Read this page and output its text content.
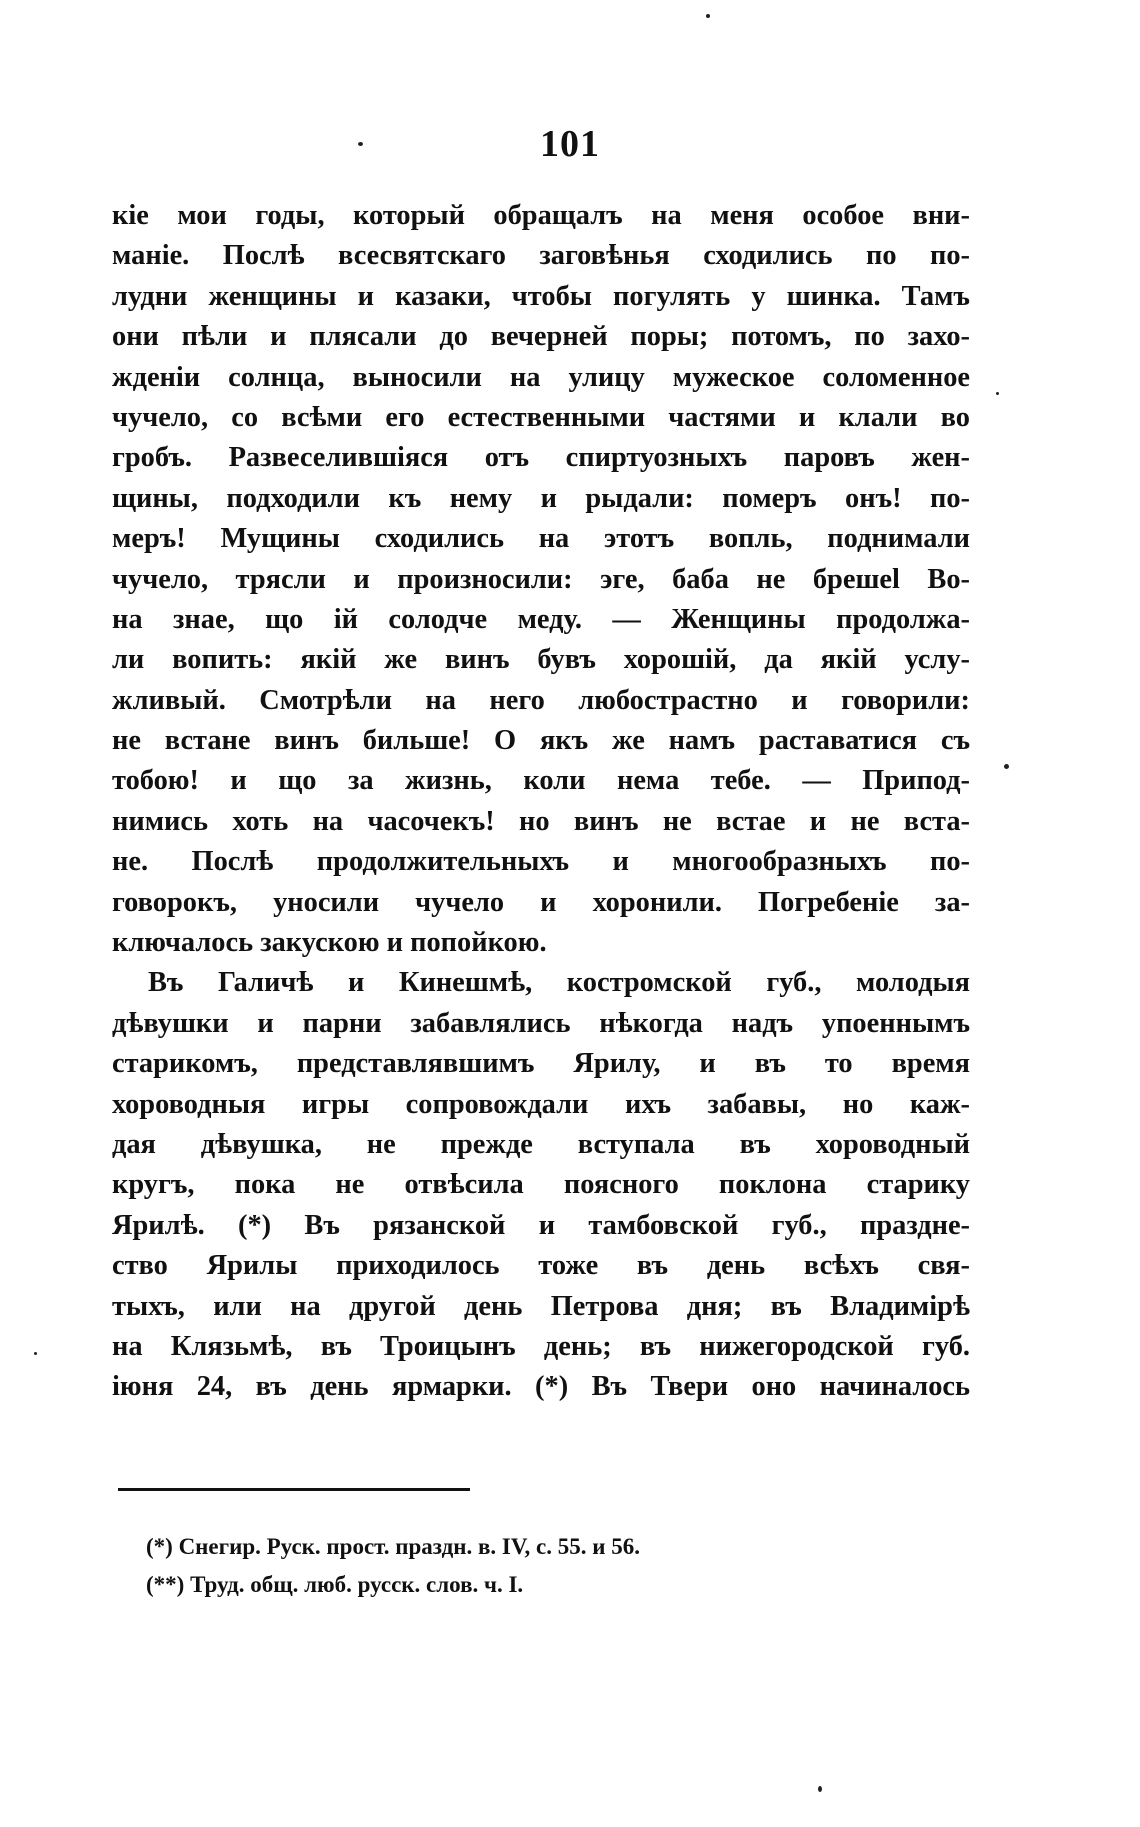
101
кiе мои годы, который обращалъ на меня особое вни-
манiе. Послѣ всесвятскаго заговѣнья сходились по по-
лудни женщины и казаки, чтобы погулять у шинка. Тамъ
они пѣли и плясали до вечерней поры; потомъ, по захо-
жденiи солнца, выносили на улицу мужеское соломенное
чучело, со всѣми его естественными частями и клали во
гробъ. Развеселившiяся отъ спиртуозныхъ паровъ жен-
щины, подходили къ нему и рыдали: померъ онъ! по-
меръ! Мущины сходились на этотъ вопль, поднимали
чучело, трясли и произносили: эге, баба не брешеl Во-
на знае, що iй солодче меду. — Женщины продолжа-
ли вопить: якiй же винъ бувъ хорошiй, да якiй услу-
жливый. Смотрѣли на него любострастно и говорили:
не встане винъ бильше! О якъ же намъ раставатися съ
тобою! и що за жизнь, коли нема тебе. — Припод-
нимись хоть на часочекъ! но винъ не встае и не вста-
не. Послѣ продолжительныхъ и многообразныхъ по-
говорокъ, уносили чучело и хоронили. Погребенiе за-
ключалось закускою и попойкою.
Въ Галичѣ и Кинешмѣ, костромской губ., молодыя
дѣвушки и парни забавлялись нѣкогда надъ упоеннымъ
старикомъ, представлявшимъ Ярилу, и въ то время
хороводныя игры сопровождали ихъ забавы, но каж-
дая дѣвушка, не прежде вступала въ хороводный
кругъ, пока не отвѣсила поясного поклона старику
Ярилѣ. (*) Въ рязанской и тамбовской губ., праздне-
ство Ярилы приходилось тоже въ день всѣхъ свя-
тыхъ, или на другой день Петрова дня; въ Владимiрѣ
на Клязьмѣ, въ Троицынъ день; въ нижегородской губ.
iюня 24, въ день ярмарки. (*) Въ Твери оно начиналось
(*) Снегир. Руск. прост. праздн. в. IV, с. 55. и 56.
(**) Труд. общ. люб. русск. слов. ч. I.
